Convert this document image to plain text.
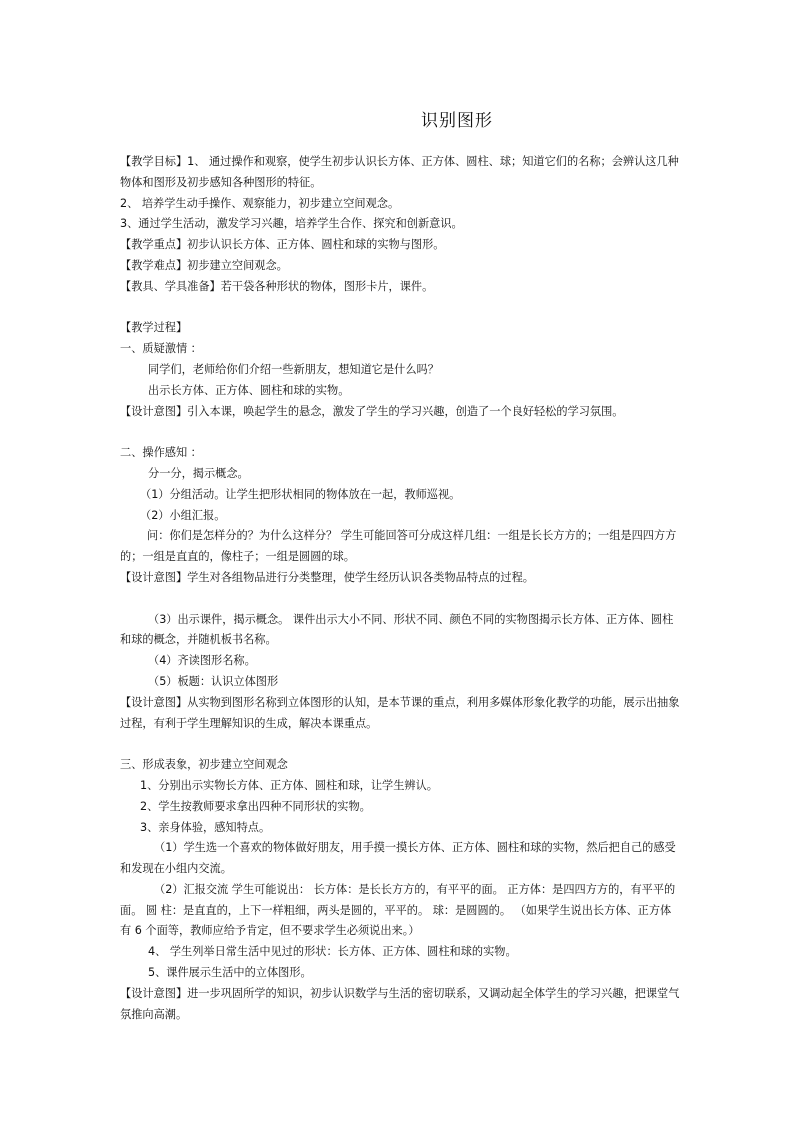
识别图形

【教学目标】1、 通过操作和观察，使学生初步认识长方体、正方体、圆柱、球；知道它们的名称；会辨认这几种物体和图形及初步感知各种图形的特征。

2、 培养学生动手操作、观察能力，初步建立空间观念。

3、通过学生活动，激发学习兴趣，培养学生合作、探究和创新意识。

【教学重点】初步认识长方体、正方体、圆柱和球的实物与图形。

【教学难点】初步建立空间观念。

【教具、学具准备】若干袋各种形状的物体，图形卡片，课件。

【教学过程】

一、质疑激情 ：

同学们，老师给你们介绍一些新朋友，想知道它是什么吗？

出示长方体、正方体、圆柱和球的实物。

【设计意图】引入本课，唤起学生的悬念，激发了学生的学习兴趣，创造了一个良好轻松的学习氛围。

二、操作感知 ：

分一分，揭示概念。

（1）分组活动。让学生把形状相同的物体放在一起，教师巡视。

（2）小组汇报。

问：你们是怎样分的？为什么这样分？ 学生可能回答可分成这样几组：一组是长长方方的；一组是四四方方的；一组是直直的，像柱子；一组是圆圆的球。

【设计意图】学生对各组物品进行分类整理，使学生经历认识各类物品特点的过程。

（3）出示课件，揭示概念。 课件出示大小不同、形状不同、颜色不同的实物图揭示长方体、正方体、圆柱和球的概念，并随机板书名称。

（4）齐读图形名称。

（5）板题：认识立体图形

【设计意图】从实物到图形名称到立体图形的认知，是本节课的重点，利用多媒体形象化教学的功能，展示出抽象过程，有利于学生理解知识的生成，解决本课重点。

三、形成表象，初步建立空间观念

1、分别出示实物长方体、正方体、圆柱和球，让学生辨认。

2、学生按教师要求拿出四种不同形状的实物。

3、亲身体验，感知特点。

（1）学生选一个喜欢的物体做好朋友，用手摸一摸长方体、正方体、圆柱和球的实物，然后把自己的感受和发现在小组内交流。

（2）汇报交流 学生可能说出： 长方体：是长长方方的，有平平的面。 正方体：是四四方方的，有平平的面。 圆 柱：是直直的，上下一样粗细，两头是圆的，平平的。 球：是圆圆的。 （如果学生说出长方体、正方体有 6 个面等，教师应给予肯定，但不要求学生必须说出来。）

4、 学生列举日常生活中见过的形状：长方体、正方体、圆柱和球的实物。

5、课件展示生活中的立体图形。

【设计意图】进一步巩固所学的知识，初步认识数学与生活的密切联系，又调动起全体学生的学习兴趣，把课堂气氛推向高潮。
